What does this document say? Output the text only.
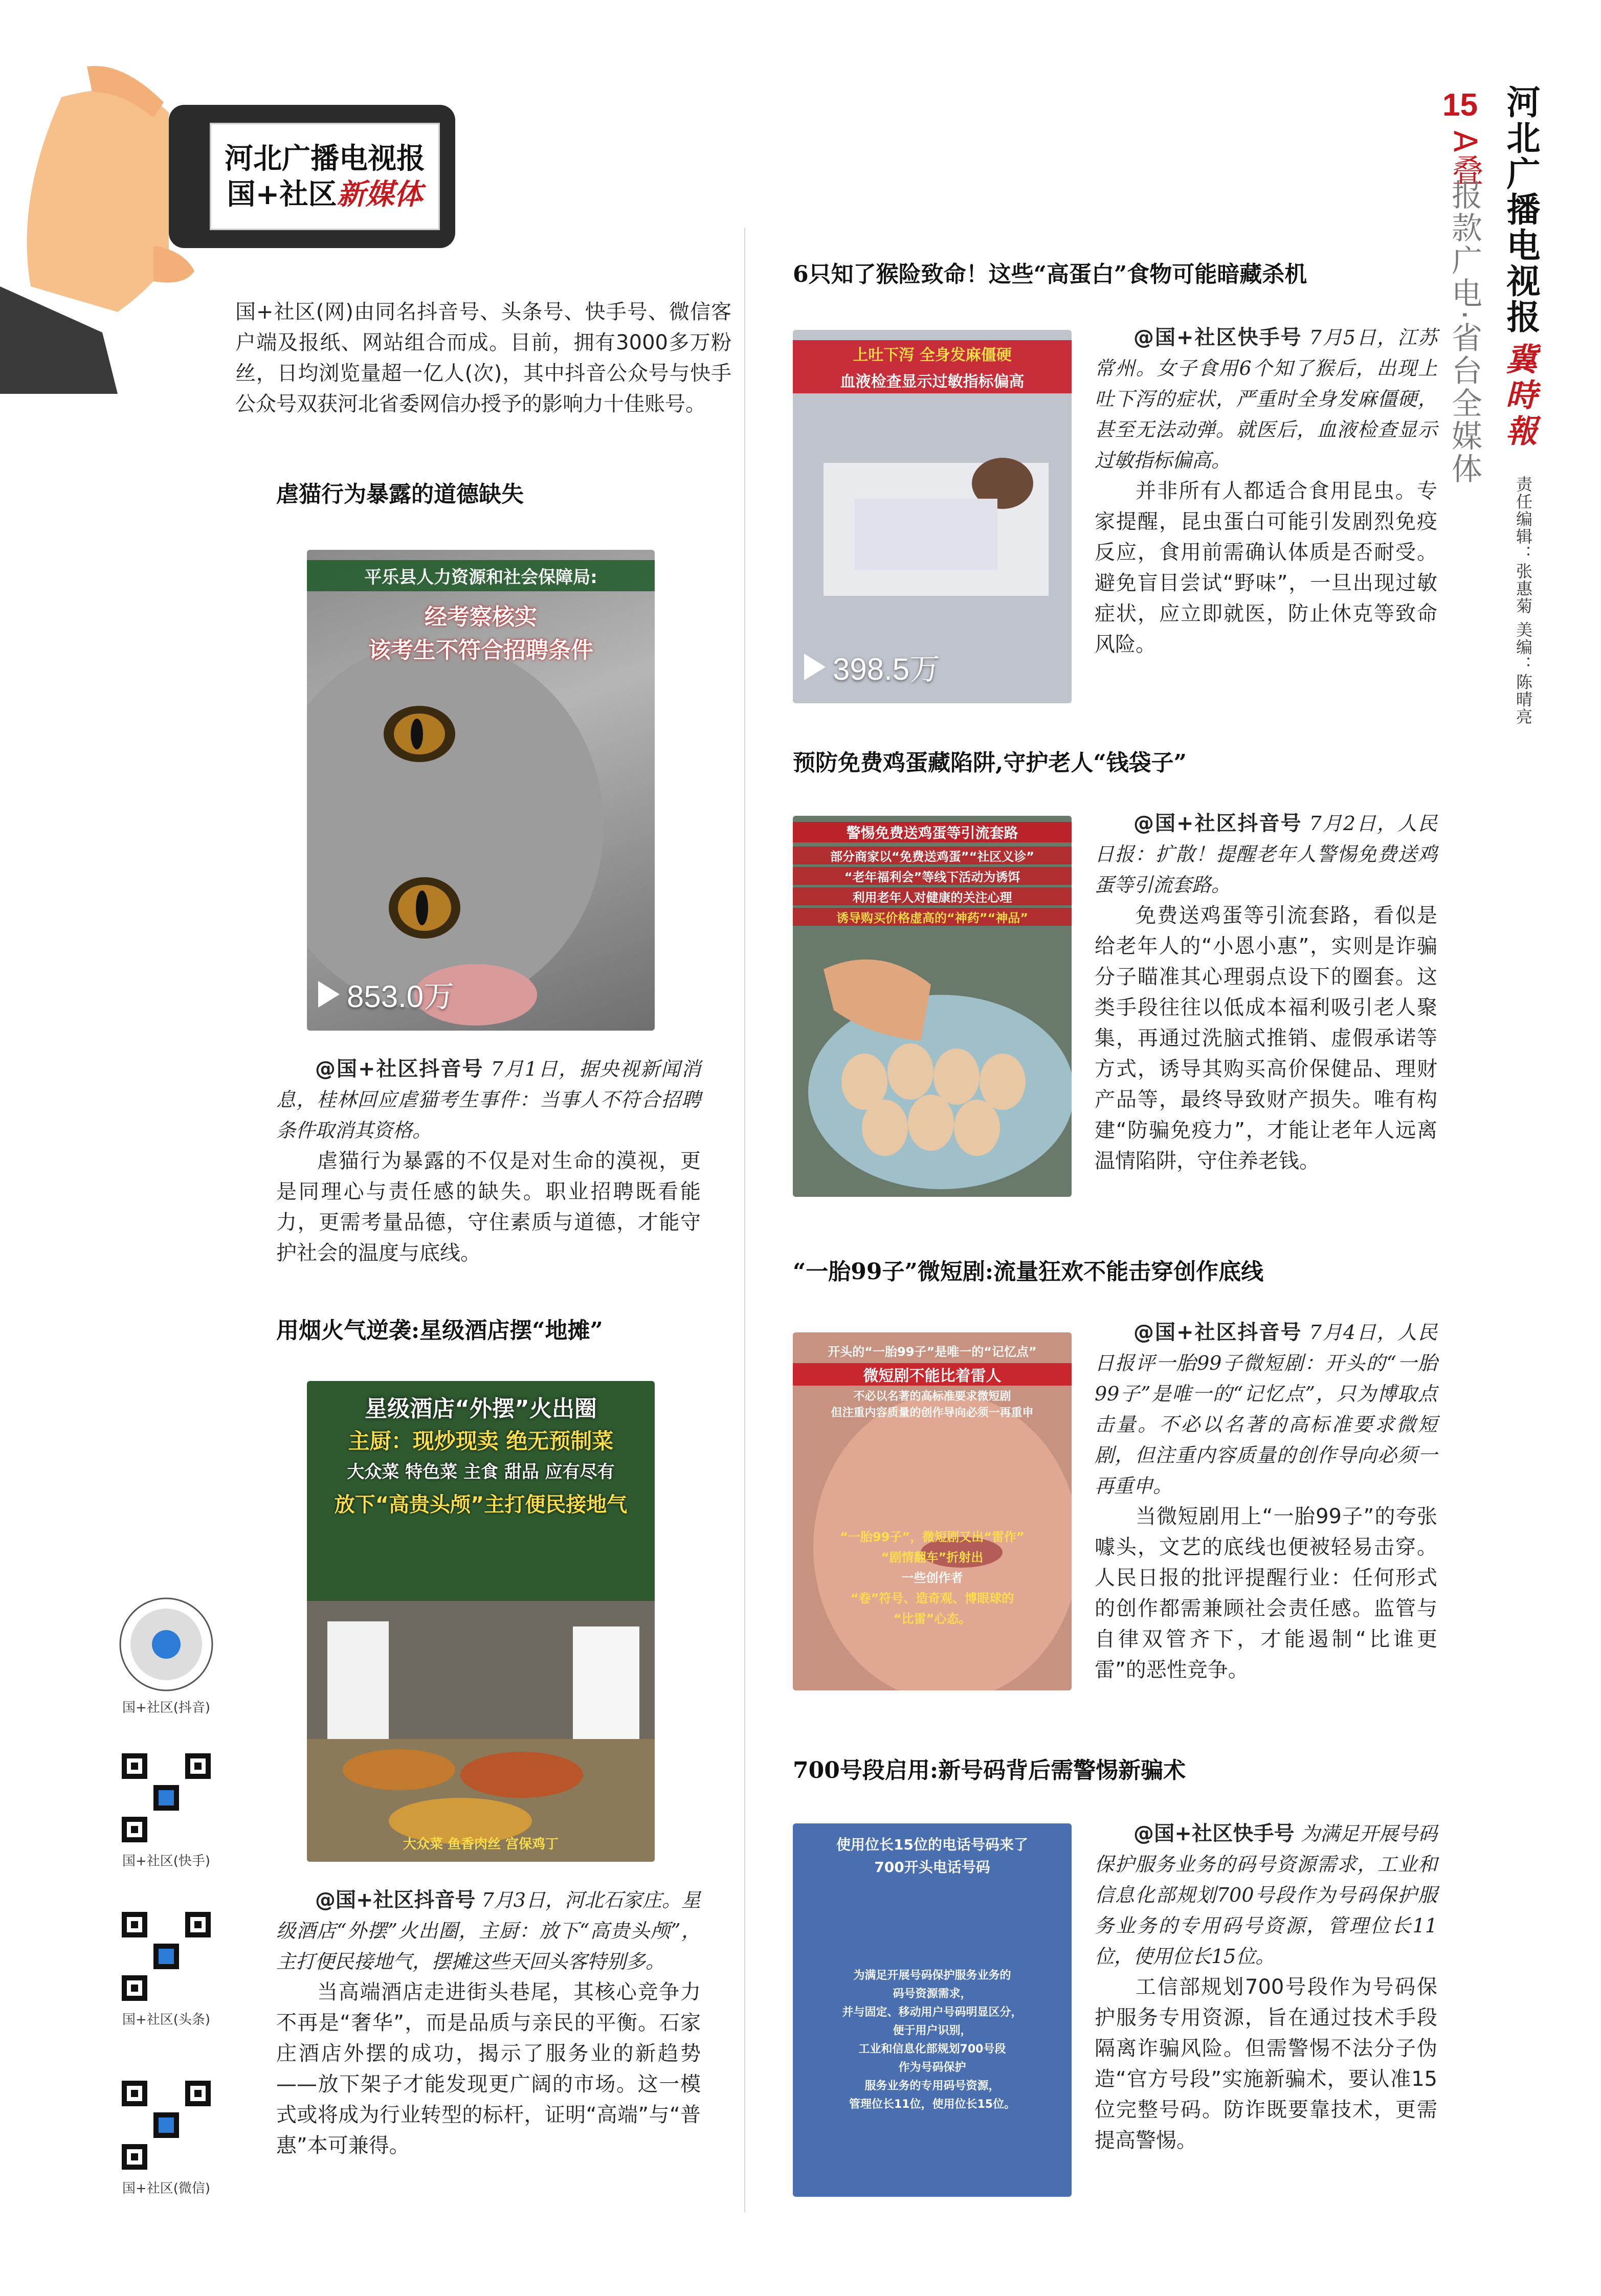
河北广播电视报
国+社区新媒体
国+社区(网)由同名抖音号、头条号、快手号、微信客户端及报纸、网站组合而成。目前，拥有3000多万粉丝，日均浏览量超一亿人(次)，其中抖音公众号与快手公众号双获河北省委网信办授予的影响力十佳账号。
15
A叠
报款广电·省台全媒体 河北广播电视报
冀時報
责任编辑：张惠菊 美编：陈晴亮
虐猫行为暴露的道德缺失
平乐县人力资源和社会保障局:
经考察核实
该考生不符合招聘条件
853.0万

@国+社区抖音号 7月1日，据央视新闻消息，桂林回应虐猫考生事件：当事人不符合招聘条件取消其资格。

虐猫行为暴露的不仅是对生命的漠视，更是同理心与责任感的缺失。职业招聘既看能力，更需考量品德，守住素质与道德，才能守护社会的温度与底线。

用烟火气逆袭:星级酒店摆“地摊”
星级酒店“外摆”火出圈
主厨：现炒现卖 绝无预制菜
大众菜 特色菜 主食 甜品 应有尽有
放下“高贵头颅”主打便民接地气
大众菜 鱼香肉丝 宫保鸡丁

@国+社区抖音号 7月3日，河北石家庄。星级酒店“外摆”火出圈，主厨：放下“高贵头颅”，主打便民接地气，摆摊这些天回头客特别多。

当高端酒店走进街头巷尾，其核心竞争力不再是“奢华”，而是品质与亲民的平衡。石家庄酒店外摆的成功，揭示了服务业的新趋势——放下架子才能发现更广阔的市场。这一模式或将成为行业转型的标杆，证明“高端”与“普惠”本可兼得。

国+社区(抖音)
国+社区(快手)
国+社区(头条)
国+社区(微信)
6只知了猴险致命！这些“高蛋白”食物可能暗藏杀机
上吐下泻 全身发麻僵硬
血液检查显示过敏指标偏高
398.5万

@国+社区快手号 7月5日，江苏常州。女子食用6个知了猴后，出现上吐下泻的症状，严重时全身发麻僵硬，甚至无法动弹。就医后，血液检查显示过敏指标偏高。

并非所有人都适合食用昆虫。专家提醒，昆虫蛋白可能引发剧烈免疫反应，食用前需确认体质是否耐受。避免盲目尝试“野味”，一旦出现过敏症状，应立即就医，防止休克等致命风险。

预防免费鸡蛋藏陷阱,守护老人“钱袋子”
警惕免费送鸡蛋等引流套路
部分商家以“免费送鸡蛋”“社区义诊”
“老年福利会”等线下活动为诱饵
利用老年人对健康的关注心理
诱导购买价格虚高的“神药”“神品”

@国+社区抖音号 7月2日，人民日报：扩散！提醒老年人警惕免费送鸡蛋等引流套路。

免费送鸡蛋等引流套路，看似是给老年人的“小恩小惠”，实则是诈骗分子瞄准其心理弱点设下的圈套。这类手段往往以低成本福利吸引老人聚集，再通过洗脑式推销、虚假承诺等方式，诱导其购买高价保健品、理财产品等，最终导致财产损失。唯有构建“防骗免疫力”，才能让老年人远离温情陷阱，守住养老钱。

“一胎99子”微短剧:流量狂欢不能击穿创作底线
开头的“一胎99子”是唯一的“记忆点”
微短剧不能比着雷人
不必以名著的高标准要求微短剧
但注重内容质量的创作导向必须一再重申
“一胎99子”，微短剧又出“雷作”
“剧情翻车”折射出
一些创作者
“卷”符号、造奇观、博眼球的
“比雷”心态。

@国+社区抖音号 7月4日，人民日报评一胎99子微短剧：开头的“一胎99子”是唯一的“记忆点”，只为博取点击量。不必以名著的高标准要求微短剧，但注重内容质量的创作导向必须一再重申。

当微短剧用上“一胎99子”的夸张噱头，文艺的底线也便被轻易击穿。人民日报的批评提醒行业：任何形式的创作都需兼顾社会责任感。监管与自律双管齐下，才能遏制“比谁更雷”的恶性竞争。

700号段启用:新号码背后需警惕新骗术
使用位长15位的电话号码来了
700开头电话号码
为满足开展号码保护服务业务的
码号资源需求，
并与固定、移动用户号码明显区分，
便于用户识别，
工业和信息化部规划700号段
作为号码保护
服务业务的专用码号资源，
管理位长11位，使用位长15位。

@国+社区快手号 为满足开展号码保护服务业务的码号资源需求，工业和信息化部规划700号段作为号码保护服务业务的专用码号资源，管理位长11位，使用位长15位。

工信部规划700号段作为号码保护服务专用资源，旨在通过技术手段隔离诈骗风险。但需警惕不法分子伪造“官方号段”实施新骗术，要认准15位完整号码。防诈既要靠技术，更需提高警惕。
